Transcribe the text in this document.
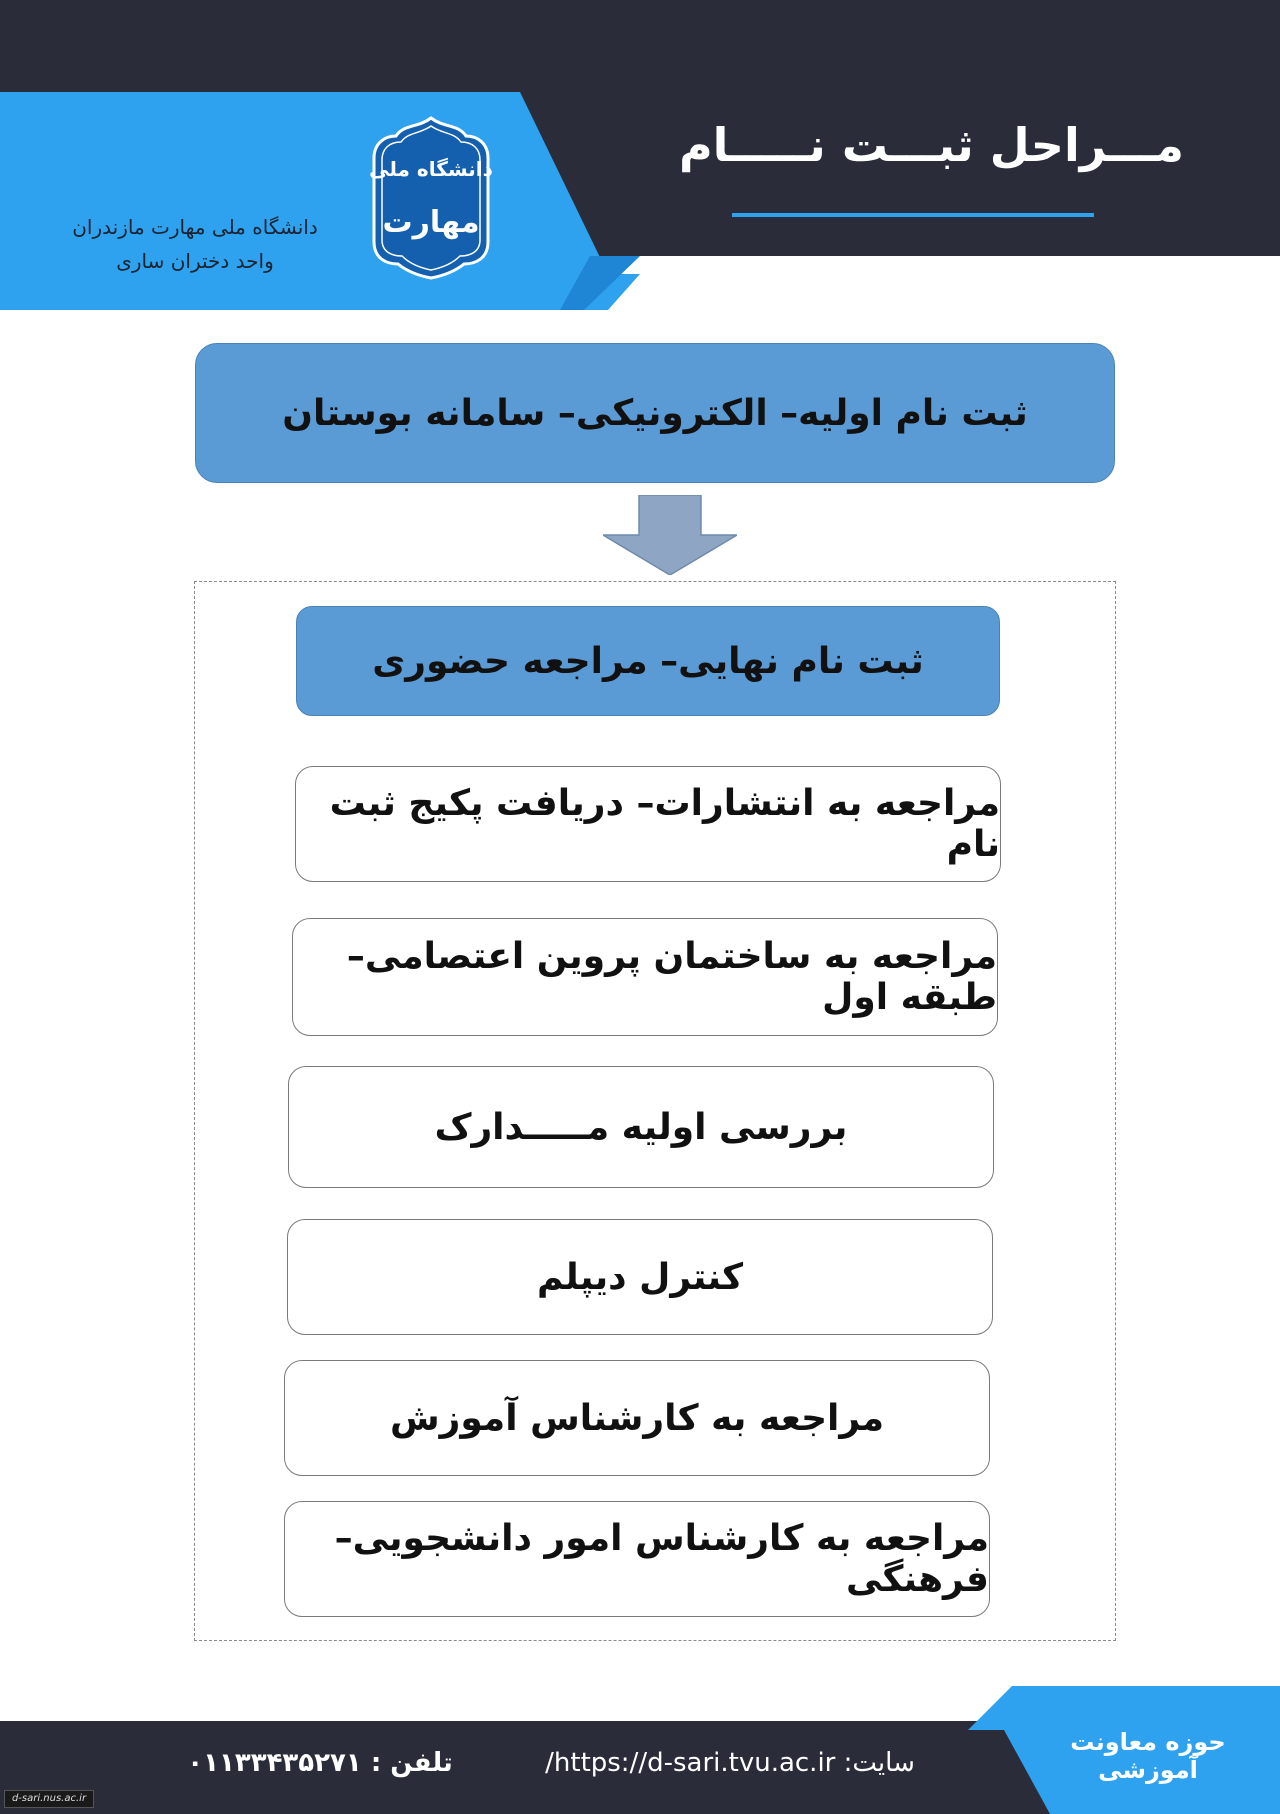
مـــراحل ثبـــت نـــــام
دانشگاه ملی
مهارت
دانشگاه ملی مهارت مازندران
واحد دختران ساری
ثبت نام اولیه– الکترونیکی– سامانه بوستان
ثبت نام نهایی– مراجعه حضوری
مراجعه به انتشارات– دریافت پکیج ثبت نام
مراجعه به ساختمان پروین اعتصامی– طبقه اول
بررسی اولیه مـــــدارک
کنترل دیپلم
مراجعه به کارشناس آموزش
مراجعه به کارشناس امور دانشجویی– فرهنگی
حوزه معاونت آموزشی
سایت: https://d-sari.tvu.ac.ir/
تلفن : ۰۱۱۳۳۴۳۵۲۷۱
d-sari.nus.ac.ir
